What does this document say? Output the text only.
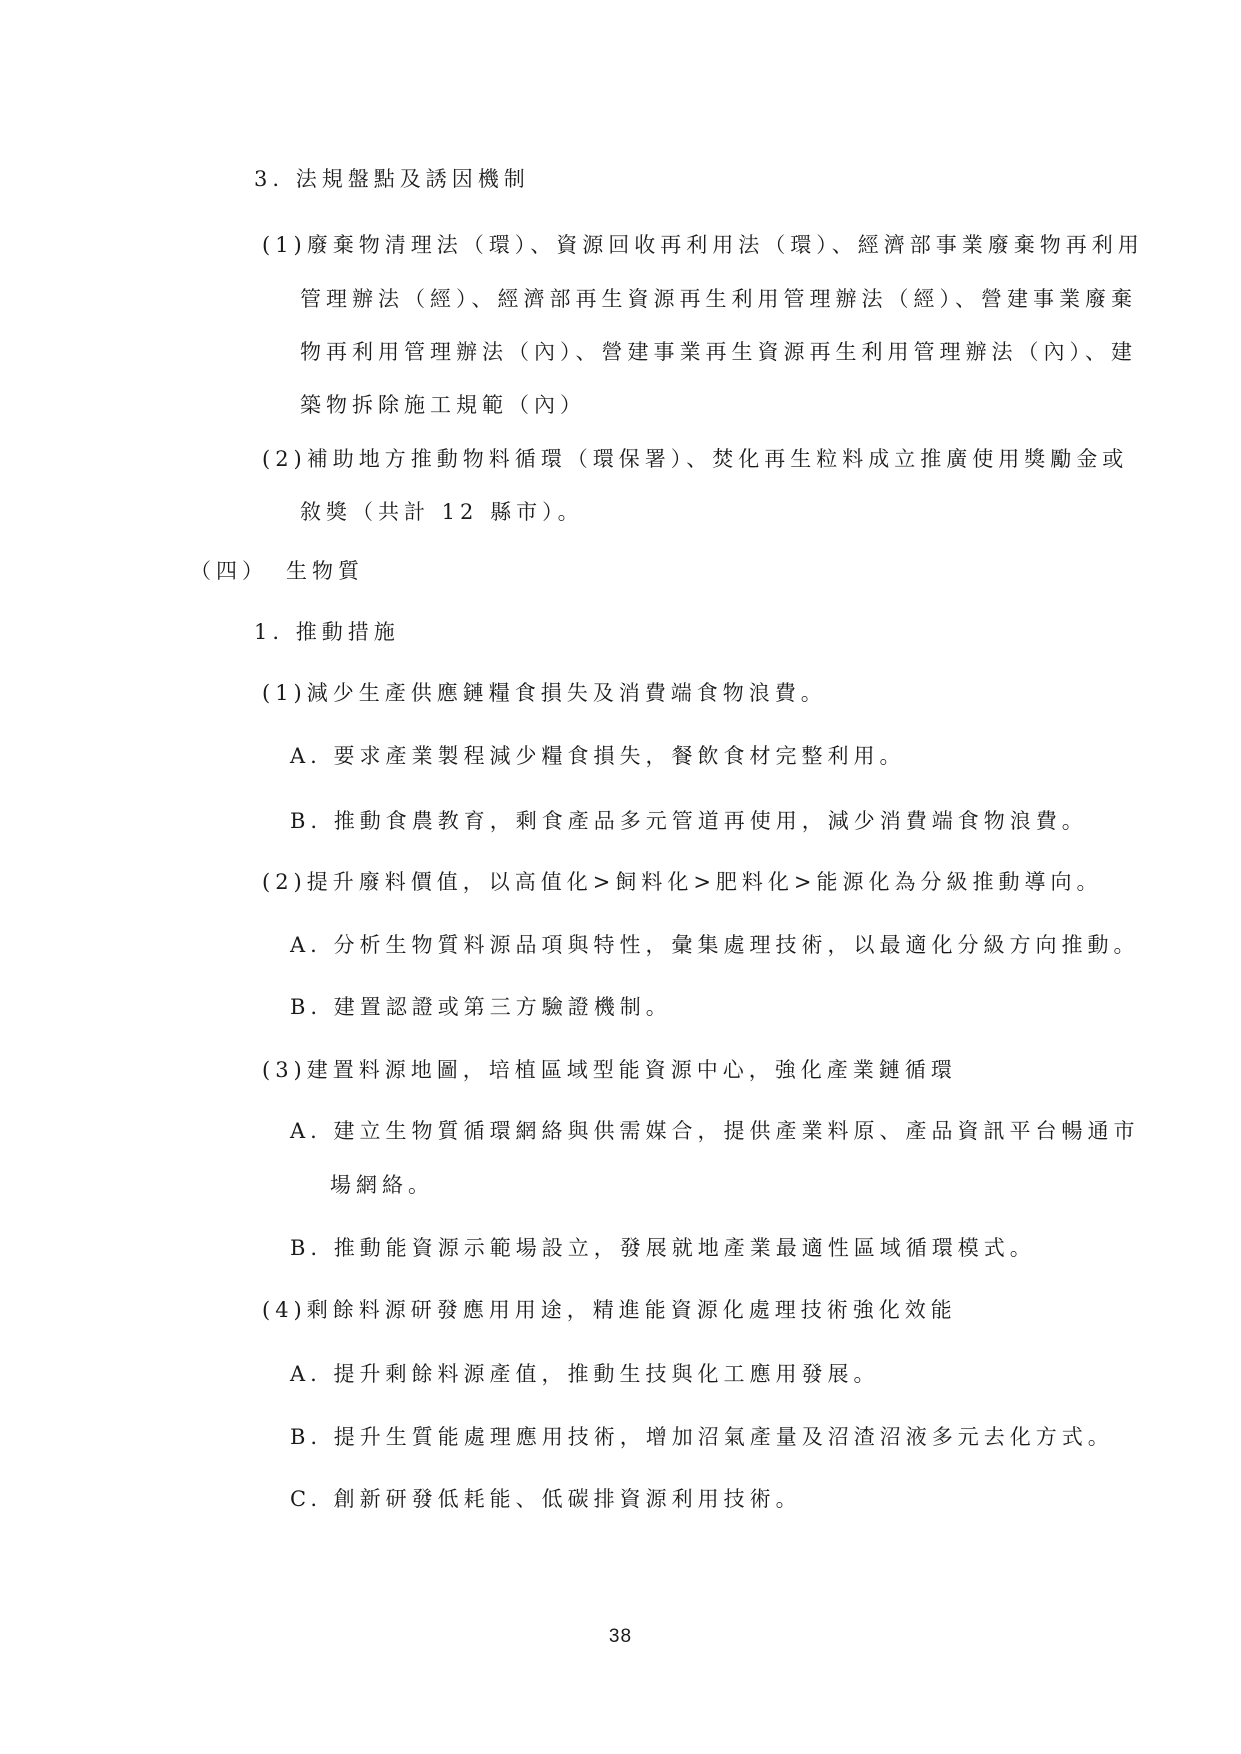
3. 法規盤點及誘因機制
(1)廢棄物清理法（環）、資源回收再利用法（環）、經濟部事業廢棄物再利用
管理辦法（經）、經濟部再生資源再生利用管理辦法（經）、營建事業廢棄
物再利用管理辦法（內）、營建事業再生資源再生利用管理辦法（內）、建
築物拆除施工規範（內）
(2)補助地方推動物料循環（環保署）、焚化再生粒料成立推廣使用獎勵金或
敘獎（共計 12 縣市）。
（四） 生物質
1. 推動措施
(1)減少生產供應鏈糧食損失及消費端食物浪費。
A. 要求產業製程減少糧食損失，餐飲食材完整利用。
B. 推動食農教育，剩食產品多元管道再使用，減少消費端食物浪費。
(2)提升廢料價值，以高值化>飼料化>肥料化>能源化為分級推動導向。
A. 分析生物質料源品項與特性，彙集處理技術，以最適化分級方向推動。
B. 建置認證或第三方驗證機制。
(3)建置料源地圖，培植區域型能資源中心，強化產業鏈循環
A. 建立生物質循環網絡與供需媒合，提供產業料原、產品資訊平台暢通市
場網絡。
B. 推動能資源示範場設立，發展就地產業最適性區域循環模式。
(4)剩餘料源研發應用用途，精進能資源化處理技術強化效能
A. 提升剩餘料源產值，推動生技與化工應用發展。
B. 提升生質能處理應用技術，增加沼氣產量及沼渣沼液多元去化方式。
C. 創新研發低耗能、低碳排資源利用技術。
38
